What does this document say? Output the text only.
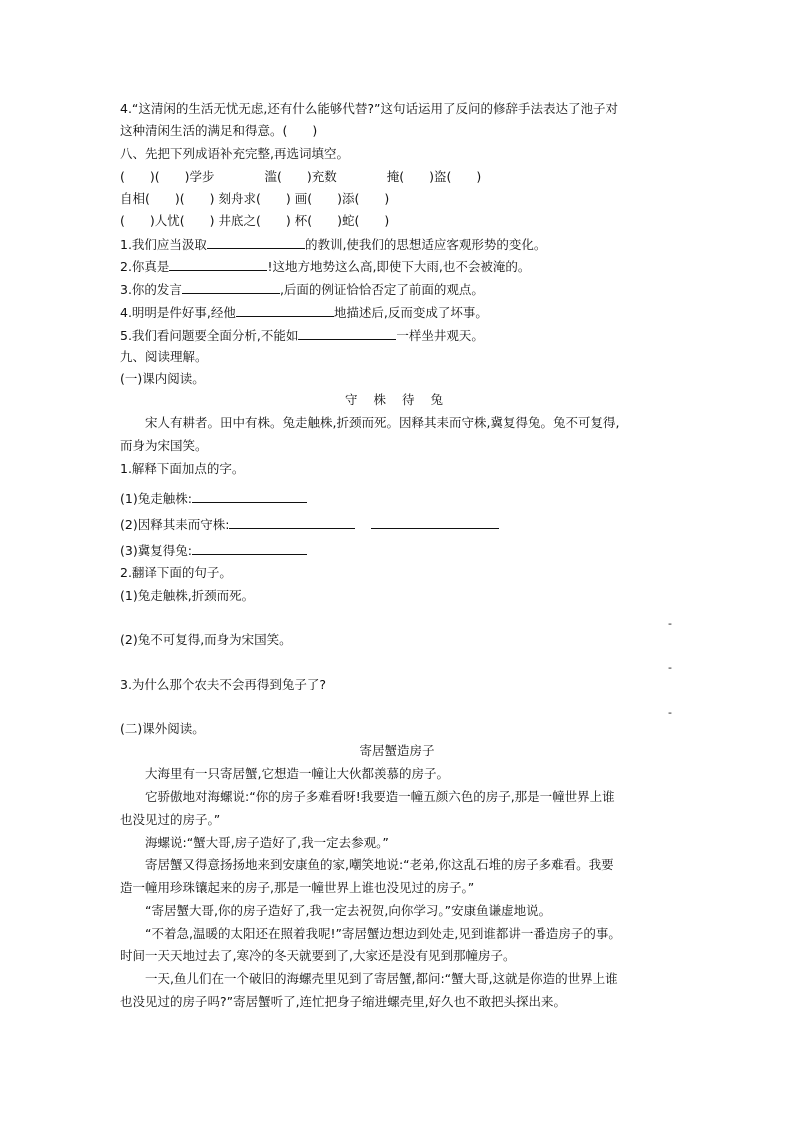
4.“这清闲的生活无忧无虑,还有什么能够代替?”这句话运用了反问的修辞手法表达了池子对
这种清闲生活的满足和得意。(　　)
八、先把下列成语补充完整,再选词填空。
(　　)(　　)学步　　　　滥(　　)充数　　　　掩(　　)盗(　　)
自相(　　)(　　) 刻舟求(　　) 画(　　)添(　　)
(　　)人忧(　　) 井底之(　　) 杯(　　)蛇(　　)
1.我们应当汲取	的教训,使我们的思想适应客观形势的变化。
2.你真是	!这地方地势这么高,即使下大雨,也不会被淹的。
3.你的发言	,后面的例证恰恰否定了前面的观点。
4.明明是件好事,经他	地描述后,反而变成了坏事。
5.我们看问题要全面分析,不能如	一样坐井观天。
九、阅读理解。
(一)课内阅读。
守 株 待 兔
宋人有耕者。田中有株。兔走触株,折颈而死。因释其耒而守株,冀复得兔。兔不可复得,
而身为宋国笑。
1.解释下面加点的字。
(1)兔走触株:
(2)因释其耒而守株:
(3)冀复得兔:
2.翻译下面的句子。
(1)兔走触株,折颈而死。
-
(2)兔不可复得,而身为宋国笑。
-
3.为什么那个农夫不会再得到兔子了?
-
(二)课外阅读。
寄居蟹造房子
大海里有一只寄居蟹,它想造一幢让大伙都羡慕的房子。
它骄傲地对海螺说:“你的房子多难看呀!我要造一幢五颜六色的房子,那是一幢世界上谁
也没见过的房子。”
海螺说:“蟹大哥,房子造好了,我一定去参观。”
寄居蟹又得意扬扬地来到安康鱼的家,嘲笑地说:“老弟,你这乱石堆的房子多难看。我要
造一幢用珍珠镶起来的房子,那是一幢世界上谁也没见过的房子。”
“寄居蟹大哥,你的房子造好了,我一定去祝贺,向你学习。”安康鱼谦虚地说。
“不着急,温暖的太阳还在照着我呢!”寄居蟹边想边到处走,见到谁都讲一番造房子的事。
时间一天天地过去了,寒冷的冬天就要到了,大家还是没有见到那幢房子。
一天,鱼儿们在一个破旧的海螺壳里见到了寄居蟹,都问:“蟹大哥,这就是你造的世界上谁
也没见过的房子吗?”寄居蟹听了,连忙把身子缩进螺壳里,好久也不敢把头探出来。
